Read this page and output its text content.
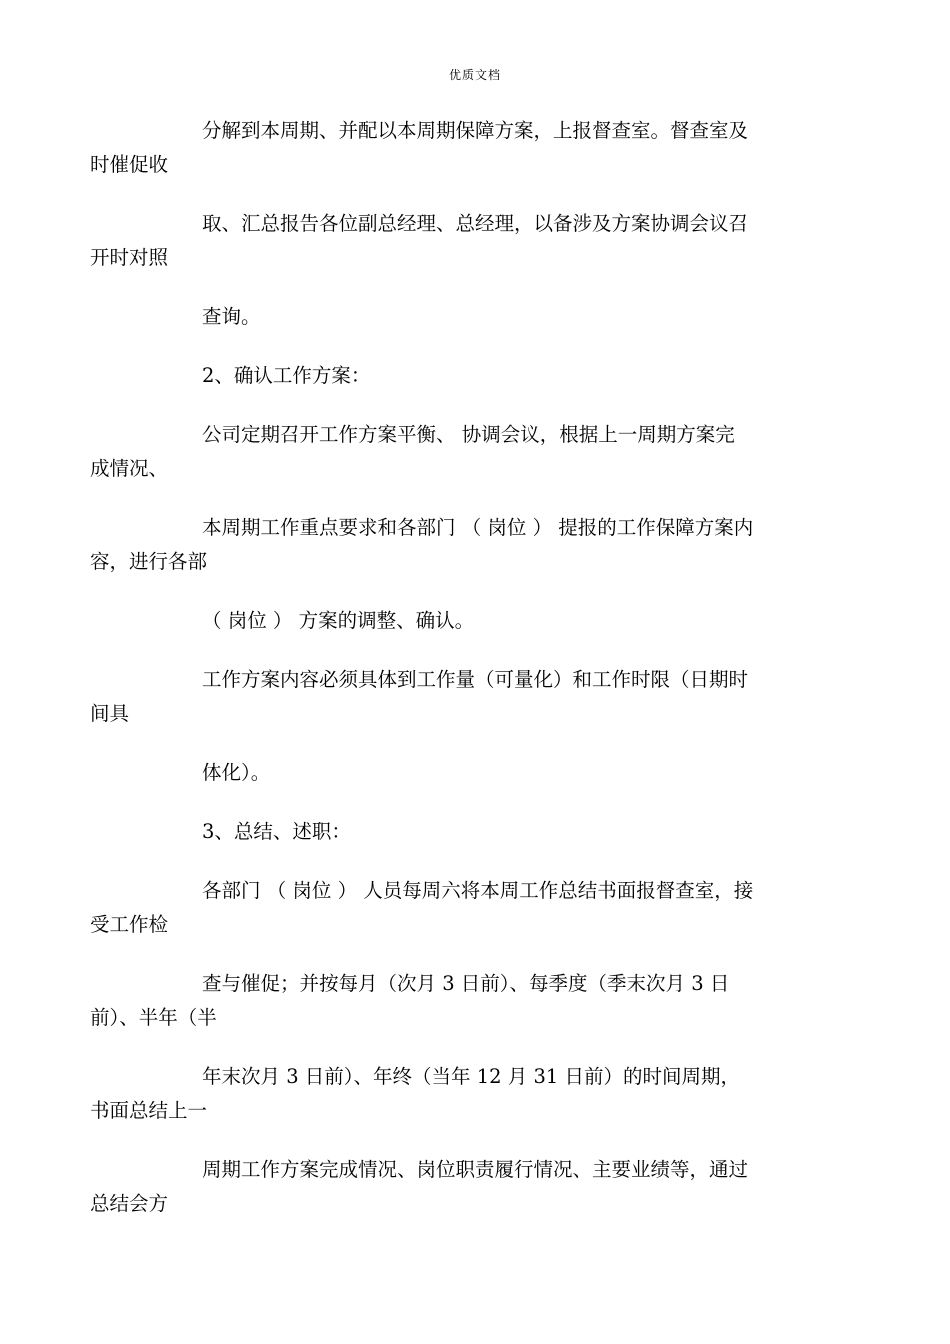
优质文档

分解到本周期、并配以本周期保障方案，上报督查室。督查室及
时催促收

取、汇总报告各位副总经理、总经理，以备涉及方案协调会议召
开时对照

查询。

2、确认工作方案：

公司定期召开工作方案平衡、 协调会议，根据上一周期方案完
成情况、

本周期工作重点要求和各部门 （ 岗位 ） 提报的工作保障方案内
容，进行各部

（ 岗位 ） 方案的调整、确认。

工作方案内容必须具体到工作量（可量化）和工作时限（日期时
间具

体化）。

3、总结、述职：

各部门 （ 岗位 ） 人员每周六将本周工作总结书面报督查室，接
受工作检

查与催促；并按每月（次月 3 日前）、每季度（季末次月 3 日
前）、半年（半

年末次月 3 日前）、年终（当年 12 月 31 日前）的时间周期，
书面总结上一

周期工作方案完成情况、岗位职责履行情况、主要业绩等，通过
总结会方
